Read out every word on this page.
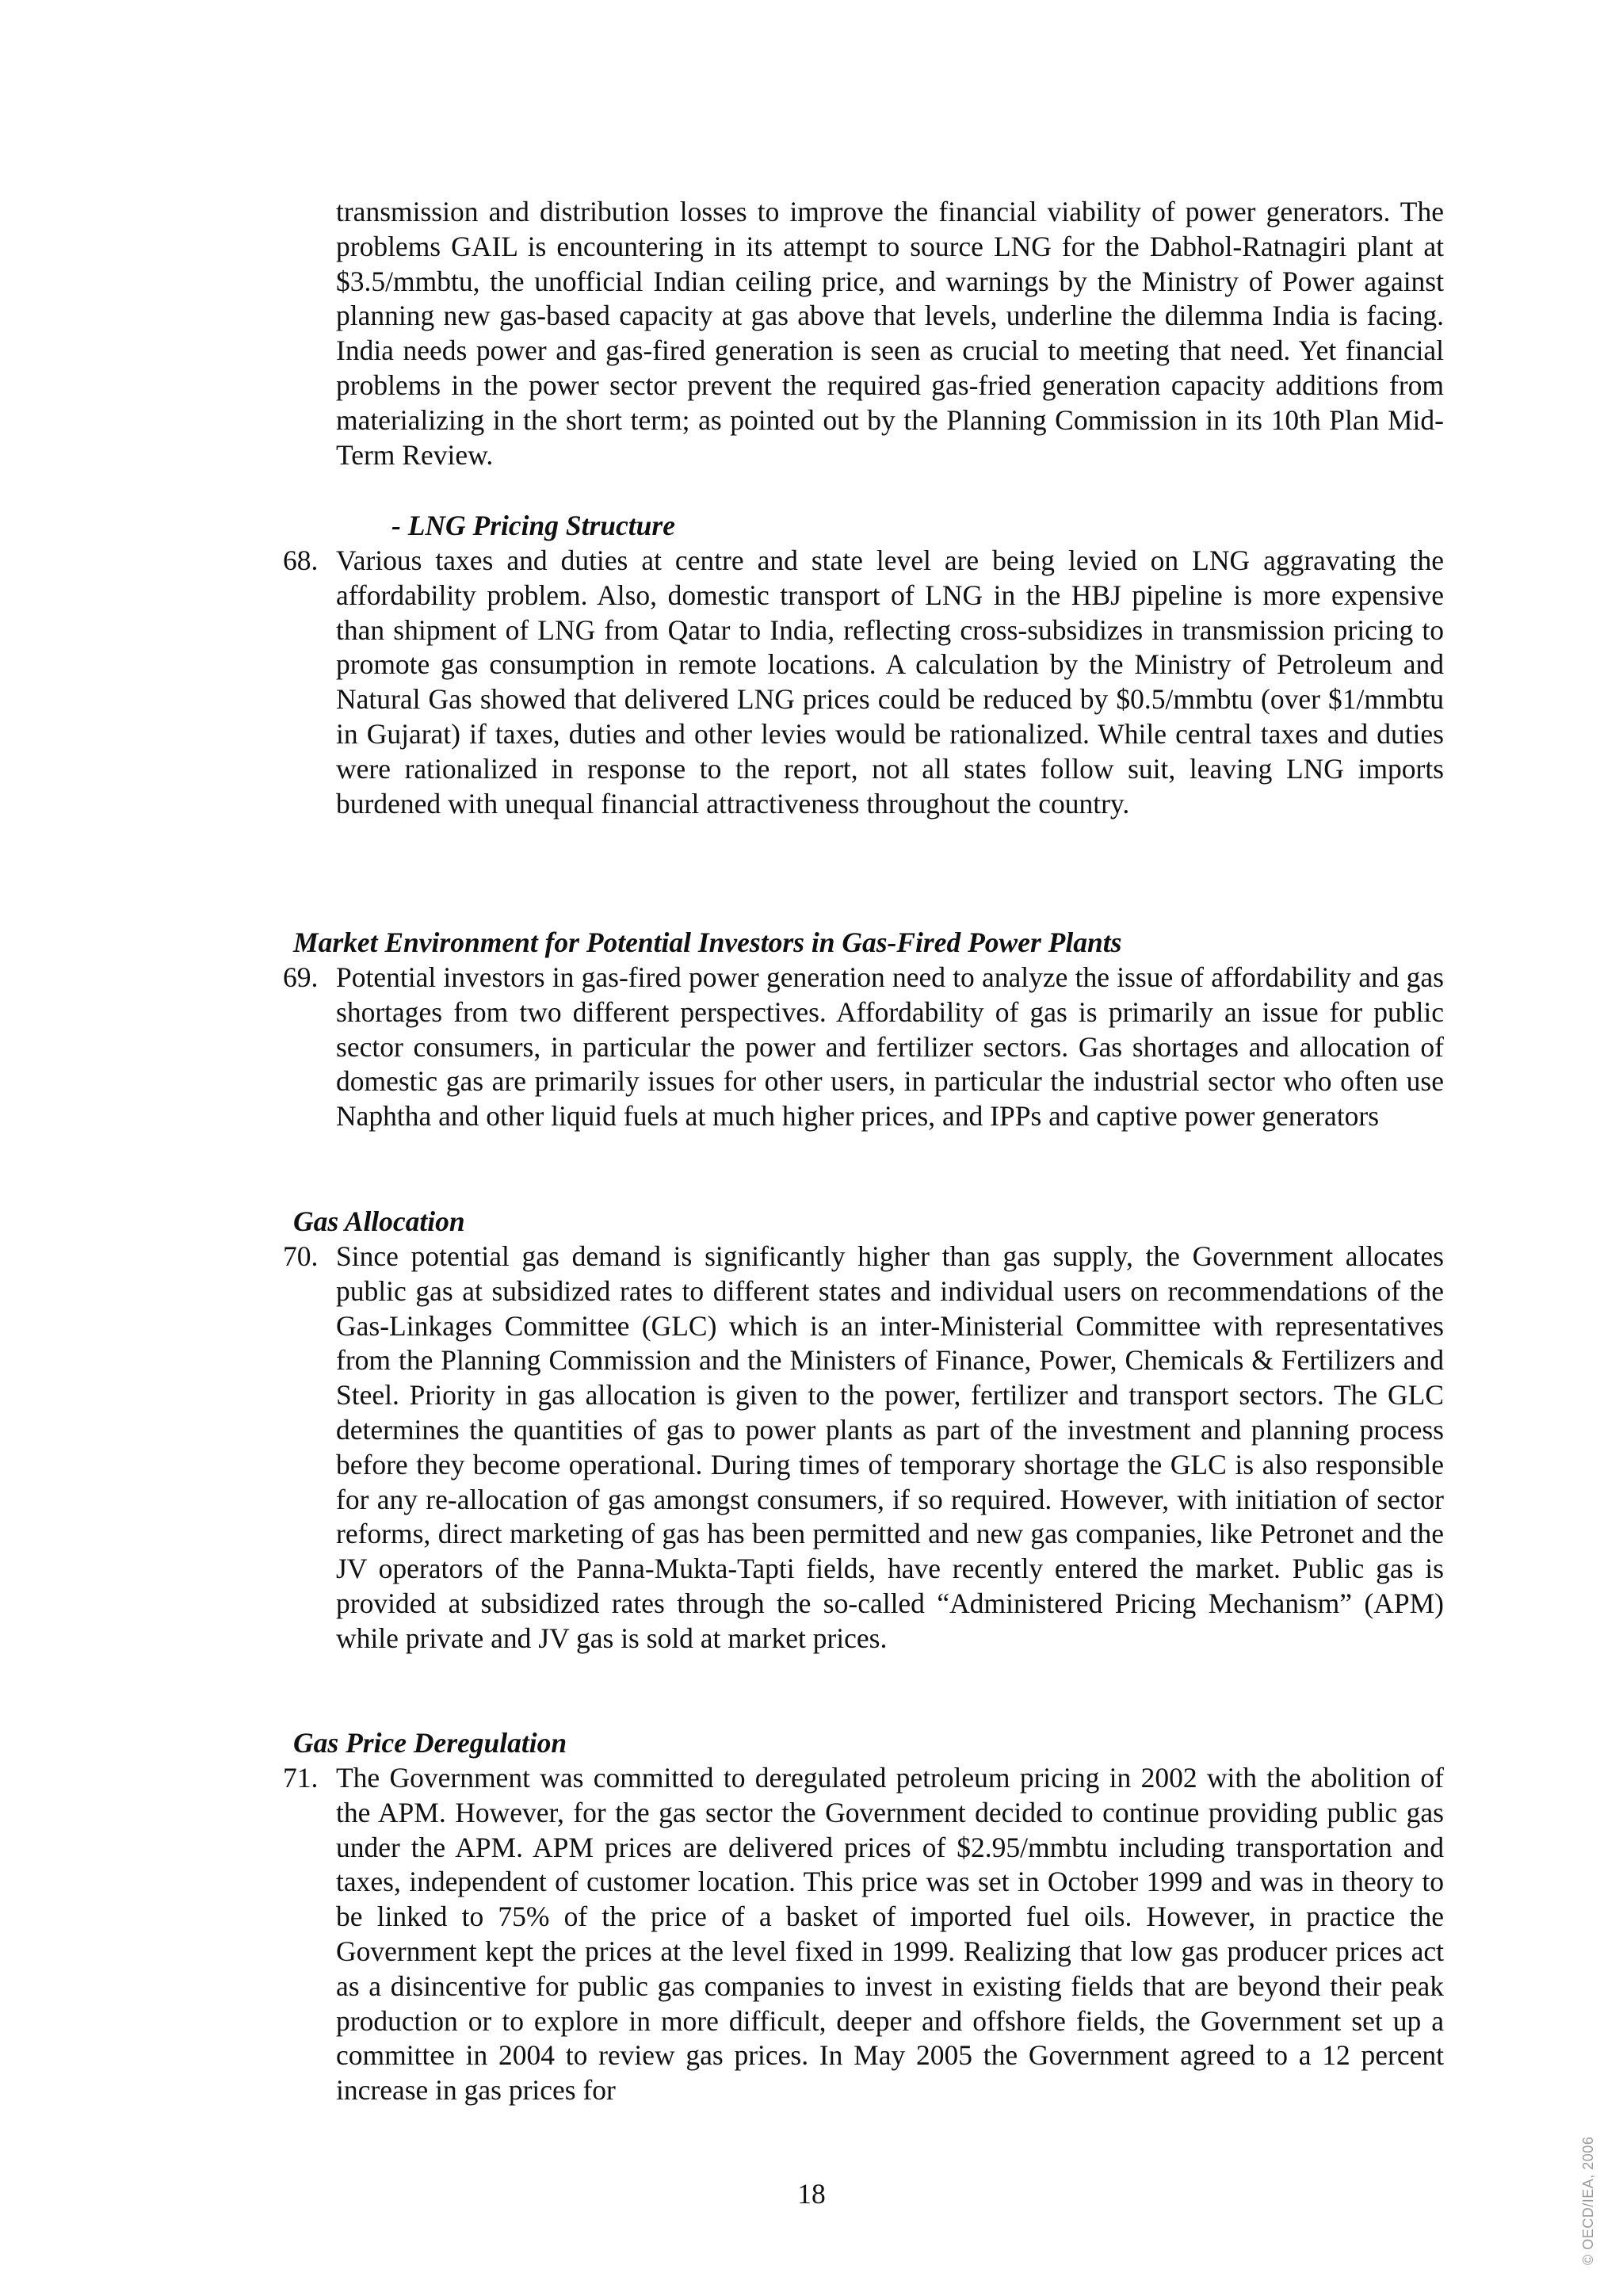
transmission and distribution losses to improve the financial viability of power generators. The problems GAIL is encountering in its attempt to source LNG for the Dabhol-Ratnagiri plant at $3.5/mmbtu, the unofficial Indian ceiling price, and warnings by the Ministry of Power against planning new gas-based capacity at gas above that levels, underline the dilemma India is facing. India needs power and gas-fired generation is seen as crucial to meeting that need. Yet financial problems in the power sector prevent the required gas-fried generation capacity additions from materializing in the short term; as pointed out by the Planning Commission in its 10th Plan Mid-Term Review.
- LNG Pricing Structure
68. Various taxes and duties at centre and state level are being levied on LNG aggravating the affordability problem. Also, domestic transport of LNG in the HBJ pipeline is more expensive than shipment of LNG from Qatar to India, reflecting cross-subsidizes in transmission pricing to promote gas consumption in remote locations. A calculation by the Ministry of Petroleum and Natural Gas showed that delivered LNG prices could be reduced by $0.5/mmbtu (over $1/mmbtu in Gujarat) if taxes, duties and other levies would be rationalized. While central taxes and duties were rationalized in response to the report, not all states follow suit, leaving LNG imports burdened with unequal financial attractiveness throughout the country.
Market Environment for Potential Investors in Gas-Fired Power Plants
69. Potential investors in gas-fired power generation need to analyze the issue of affordability and gas shortages from two different perspectives. Affordability of gas is primarily an issue for public sector consumers, in particular the power and fertilizer sectors. Gas shortages and allocation of domestic gas are primarily issues for other users, in particular the industrial sector who often use Naphtha and other liquid fuels at much higher prices, and IPPs and captive power generators
Gas Allocation
70. Since potential gas demand is significantly higher than gas supply, the Government allocates public gas at subsidized rates to different states and individual users on recommendations of the Gas-Linkages Committee (GLC) which is an inter-Ministerial Committee with representatives from the Planning Commission and the Ministers of Finance, Power, Chemicals & Fertilizers and Steel. Priority in gas allocation is given to the power, fertilizer and transport sectors. The GLC determines the quantities of gas to power plants as part of the investment and planning process before they become operational. During times of temporary shortage the GLC is also responsible for any re-allocation of gas amongst consumers, if so required. However, with initiation of sector reforms, direct marketing of gas has been permitted and new gas companies, like Petronet and the JV operators of the Panna-Mukta-Tapti fields, have recently entered the market. Public gas is provided at subsidized rates through the so-called “Administered Pricing Mechanism” (APM) while private and JV gas is sold at market prices.
Gas Price Deregulation
71. The Government was committed to deregulated petroleum pricing in 2002 with the abolition of the APM. However, for the gas sector the Government decided to continue providing public gas under the APM. APM prices are delivered prices of $2.95/mmbtu including transportation and taxes, independent of customer location. This price was set in October 1999 and was in theory to be linked to 75% of the price of a basket of imported fuel oils. However, in practice the Government kept the prices at the level fixed in 1999. Realizing that low gas producer prices act as a disincentive for public gas companies to invest in existing fields that are beyond their peak production or to explore in more difficult, deeper and offshore fields, the Government set up a committee in 2004 to review gas prices. In May 2005 the Government agreed to a 12 percent increase in gas prices for
18	© OECD/IEA, 2006
